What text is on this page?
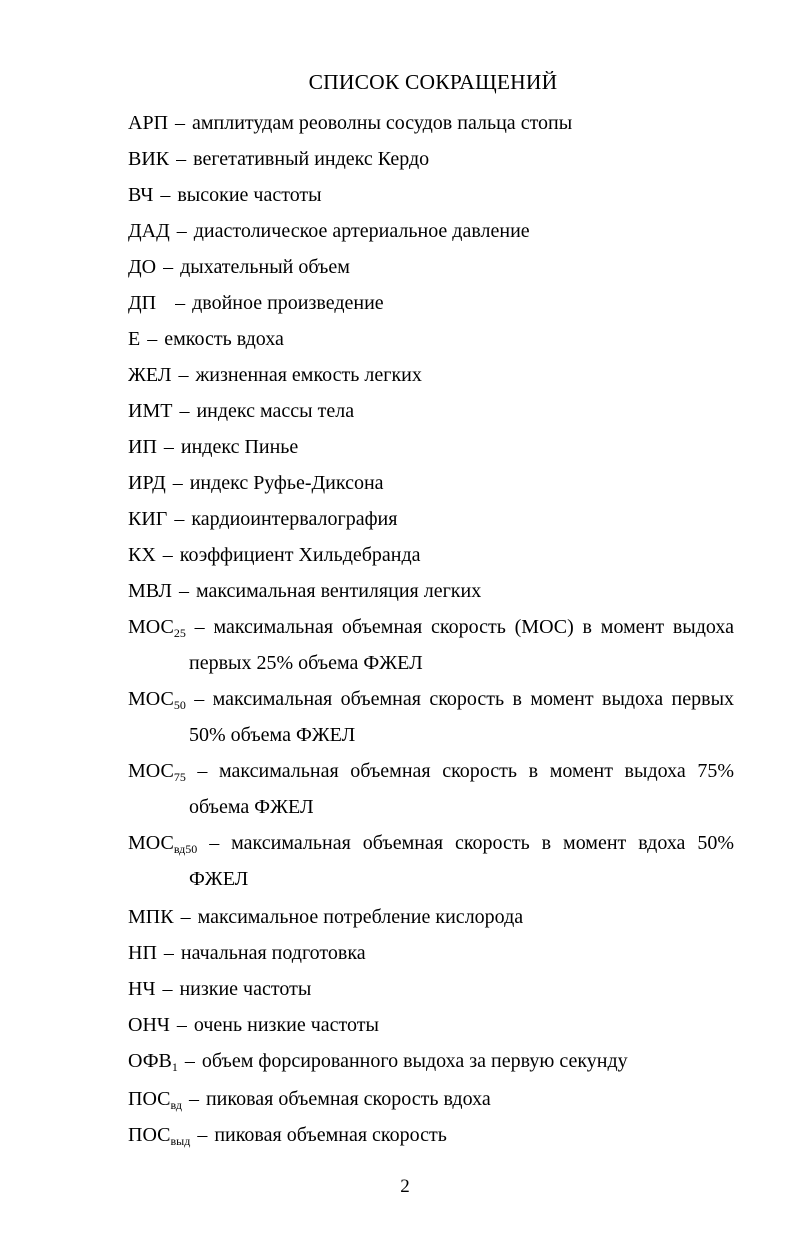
СПИСОК СОКРАЩЕНИЙ
АРП – амплитудам реоволны сосудов пальца стопы
ВИК – вегетативный индекс Кердо
ВЧ – высокие частоты
ДАД – диастолическое артериальное давление
ДО – дыхательный объем
ДП – двойное произведение
Е – емкость вдоха
ЖЕЛ – жизненная емкость легких
ИМТ – индекс массы тела
ИП – индекс Пинье
ИРД – индекс Руфье-Диксона
КИГ – кардиоинтервалография
КХ – коэффициент Хильдебранда
МВЛ – максимальная вентиляция легких
$МОС_{25}$ – максимальная объемная скорость (МОС) в момент выдоха
первых 25% объема ФЖЕЛ
$МОС_{50}$ – максимальная объемная скорость в момент выдоха первых
50% объема ФЖЕЛ
$МОС_{75}$ – максимальная объемная скорость в момент выдоха 75%
объема ФЖЕЛ
$МОС_{вд50}$ – максимальная объемная скорость в момент вдоха 50%
ФЖЕЛ
МПК – максимальное потребление кислорода
НП – начальная подготовка
НЧ – низкие частоты
ОНЧ – очень низкие частоты
$ОФВ_1$ – объем форсированного выдоха за первую секунду
$ПОС_{вд}$ – пиковая объемная скорость вдоха
$ПОС_{выд}$ – пиковая объемная скорость
2
